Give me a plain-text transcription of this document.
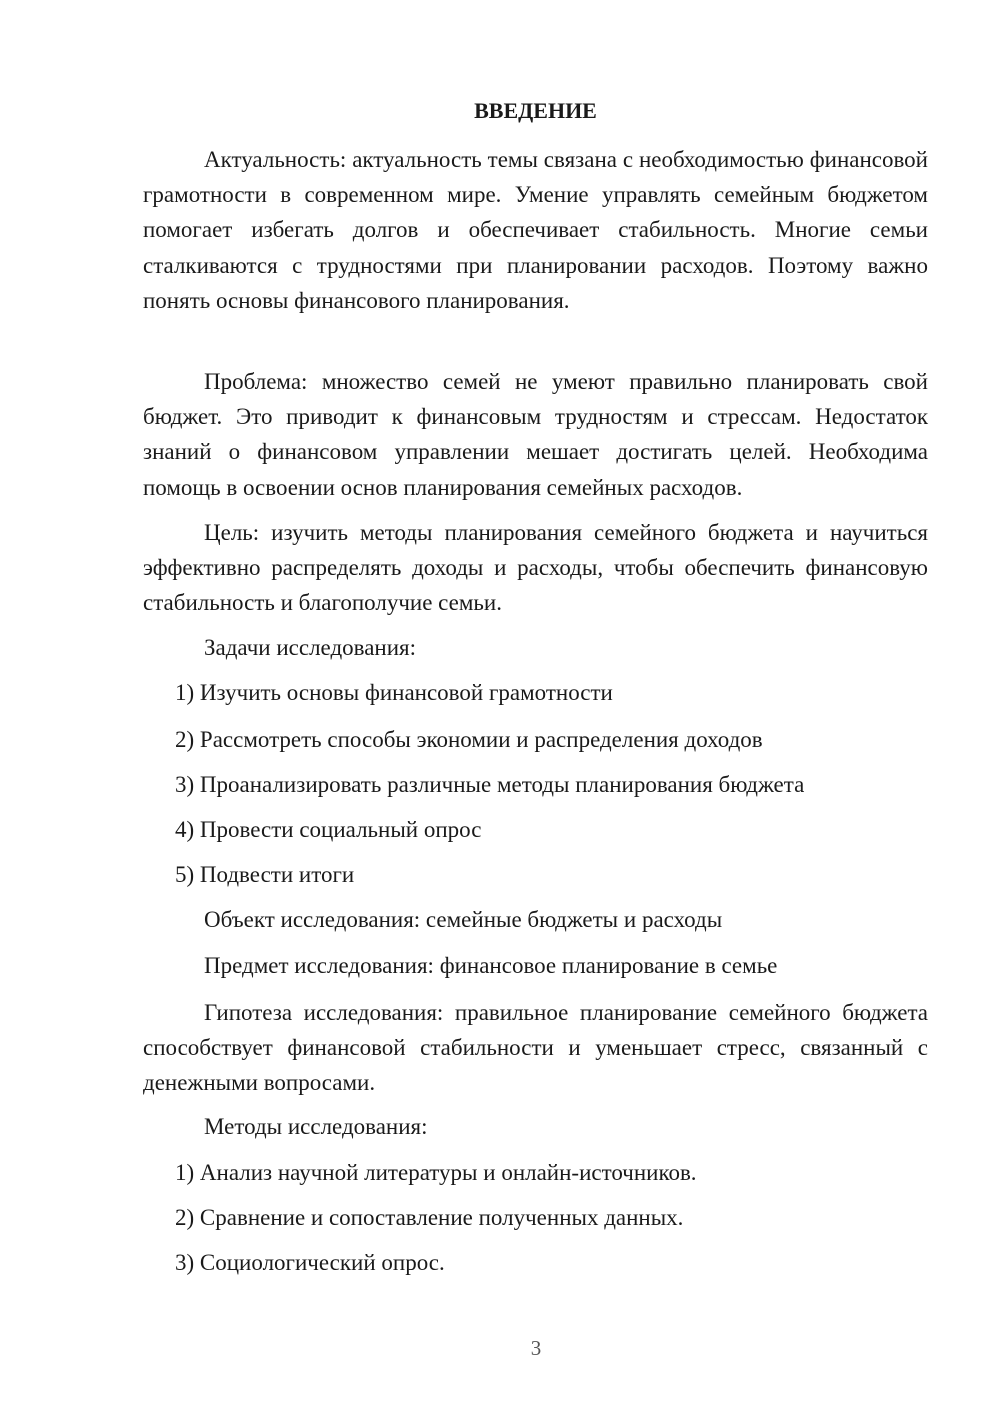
ВВЕДЕНИЕ
Актуальность: актуальность темы связана с необходимостью финансовой грамотности в современном мире. Умение управлять семейным бюджетом помогает избегать долгов и обеспечивает стабильность. Многие семьи сталкиваются с трудностями при планировании расходов. Поэтому важно понять основы финансового планирования.
Проблема: множество семей не умеют правильно планировать свой бюджет. Это приводит к финансовым трудностям и стрессам. Недостаток знаний о финансовом управлении мешает достигать целей. Необходима помощь в освоении основ планирования семейных расходов.
Цель: изучить методы планирования семейного бюджета и научиться эффективно распределять доходы и расходы, чтобы обеспечить финансовую стабильность и благополучие семьи.
Задачи исследования:
1) Изучить основы финансовой грамотности
2) Рассмотреть способы экономии и распределения доходов
3) Проанализировать различные методы планирования бюджета
4) Провести социальный опрос
5) Подвести итоги
Объект исследования: семейные бюджеты и расходы
Предмет исследования: финансовое планирование в семье
Гипотеза исследования: правильное планирование семейного бюджета способствует финансовой стабильности и уменьшает стресс, связанный с денежными вопросами.
Методы исследования:
1) Анализ научной литературы и онлайн-источников.
2) Сравнение и сопоставление полученных данных.
3) Социологический опрос.
3
